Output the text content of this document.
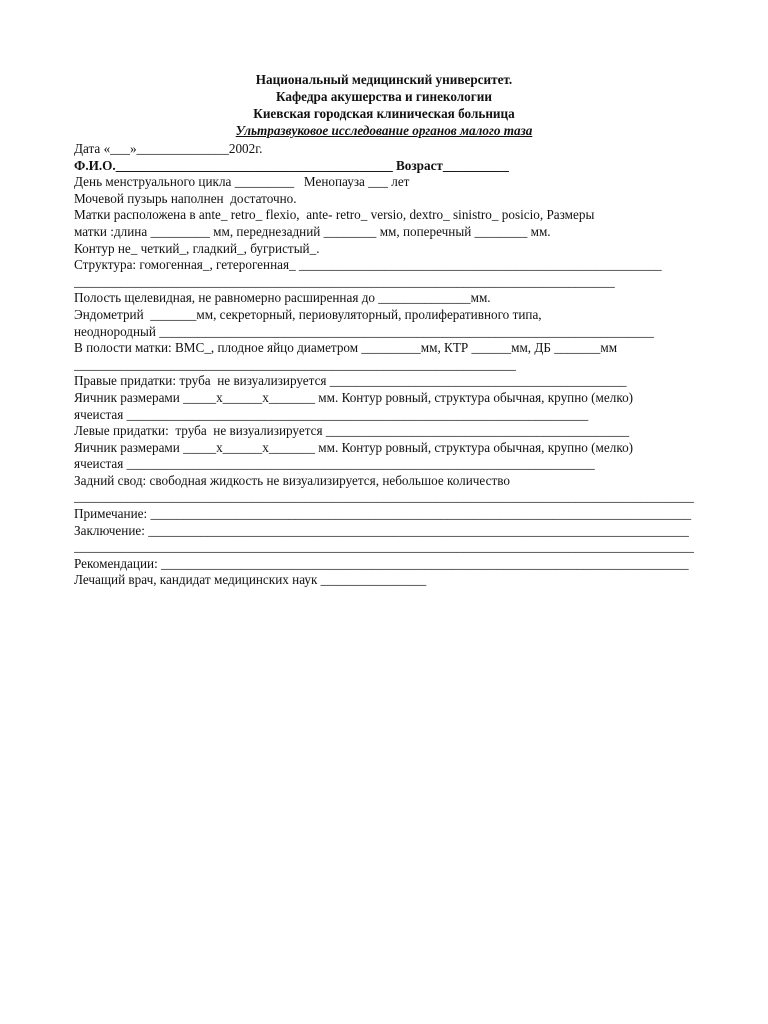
Национальный медицинский университет.
Кафедра акушерства и гинекологии
Киевская городская клиническая больница
Ультразвуковое исследование органов малого таза
Дата «___»______________2002г.
Ф.И.О.__________________________________________ Возраст__________
День менструального цикла _________   Менопауза ___ лет
Мочевой пузырь наполнен  достаточно.
Матки расположена в ante_ retro_ flexio,  ante- retro_ versio, dextro_ sinistro_ posicio, Размеры
матки :длина _________ мм, переднезадний ________ мм, поперечный ________ мм.
Контур не_ четкий_, гладкий_, бугристый_.
Структура: гомогенная_, гетерогенная_ _______________________________________________________
__________________________________________________________________________________
Полость щелевидная, не равномерно расширенная до ______________мм.
Эндометрий  _______мм, секреторный, периовуляторный, пролиферативного типа,
неоднородный ___________________________________________________________________________
В полости матки: ВМС_, плодное яйцо диаметром _________мм, КТР ______мм, ДБ _______мм
___________________________________________________________________
Правые придатки: труба  не визуализируется _____________________________________________
Яичник размерами _____х______х_______ мм. Контур ровный, структура обычная, крупно (мелко)
ячеистая ______________________________________________________________________
Левые придатки:  труба  не визуализируется ______________________________________________
Яичник размерами _____х______х_______ мм. Контур ровный, структура обычная, крупно (мелко)
ячеистая _______________________________________________________________________
Задний свод: свободная жидкость не визуализируется, небольшое количество
______________________________________________________________________________________________
Примечание: __________________________________________________________________________________
Заключение: __________________________________________________________________________________
______________________________________________________________________________________________
Рекомендации: ________________________________________________________________________________
Лечащий врач, кандидат медицинских наук ________________
